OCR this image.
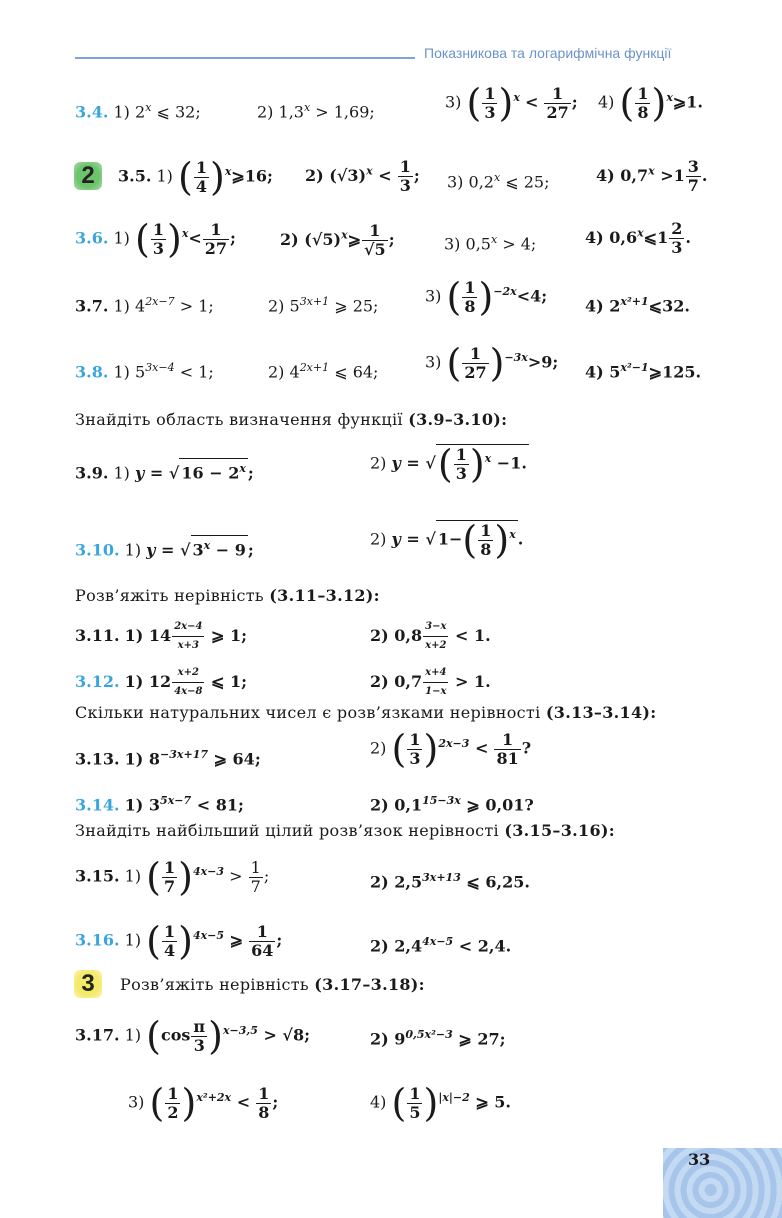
Показникова та логарифмічна функції
3.4. 1) 2$^x$ ⩽ 32;	2) $1,3^x > 1,69$;
3) ( $\frac{1}{3} )^x < \frac{1}{27}$ ; 4) ( $\frac{1}{8}$ )$^x$⩾1.
2	3.5. 1) ( $\frac{1}{4}$ )$^x$⩾16; 2) $(√3)^x < \frac{1}{3}$ ; 3) 0,2$^x$ ⩽ 25;	4) $0,7^x >1 \frac{3}{7}$ .
3.6. 1) ( $\frac{1}{3} )^x< \frac{1}{27}$ ;	2) $(√5)^x⩾ \frac{1}{√5}$ ;	3) $0,5^x > 4$;	4) 0,6$^x$⩽1 $\frac{2}{3}$ .
3.7. 1) $4^{2x-7} > 1$;	2) $5^{3x+1}$ ⩾ 25;
3) ( $\frac{1}{8} )^{-2x}<4$;
4) $2^{x^2+1}⩽32$.
3.8. 1) $5^{3x-4} < 1$;	2) $4^{2x+1}$ ⩽ 64;
3) ( $\frac{1}{27} )^{-3x}>9$;
4) $5^{x^2-1}⩾125$.
Знайдіть область визначення функції (3.9–3.10):
3.9. 1) y = √ $16 - 2^x$ ;
2) y = √( $\frac{1}{3} )^x -1$.
3.10. 1) y = √ $3^x - 9$ ;
2) y = √ $1-( \frac{1}{8} )^x$ .
Розв’яжіть нерівність (3.11–3.12):
3.11. 1) $14 \frac{2x-4}{x+3}$ ⩾ 1;	2) $0,8 \frac{3-x}{x+2} < 1$.
3.12. 1) $12 \frac{x+2}{4x-8}$ ⩽ 1;	2) $0,7 \frac{x+4}{1-x} > 1$.
Скільки натуральних чисел є розв’язками нерівності (3.13–3.14):
3.13. 1) $8^{-3x+17}$ ⩾ 64;
2) ( $\frac{1}{3} )^{2x-3} < \frac{1}{81}$ ?
3.14. 1) $3^{5x-7} < 81$;	2) $0,1^{15-3x}$ ⩾ 0,01?
Знайдіть найбільший цілий розв’язок нерівності (3.15–3.16):
3.15. 1) ( $\frac{1}{7} )^{4x-3} > \frac{1}{7}$ ;	2) $2,5^{3x+13}$ ⩽ 6,25.
3.16. 1) ( $\frac{1}{4} )^{4x-5}$ ⩾ $\frac{1}{64}$ ;	2) $2,4^{4x-5} < 2,4$.
3	Розв’яжіть нерівність (3.17–3.18):
3.17. 1) $(\cos \frac{\pi}{3} )^{x-3,5} > √8$;	2) $9^{0,5x^2-3}$ ⩾ 27;
3) ( $\frac{1}{2} )^{x^2+2x} < \frac{1}{8}$ ;	4) ( $\frac{1}{5} )^{|x|-2}$ ⩾ 5.
33
